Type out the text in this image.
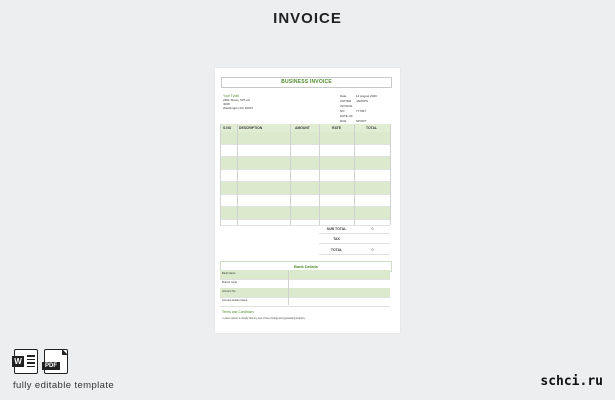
INVOICE
BUSINESS INVOICE
Your Tvotli
2301 Street, 507 ext
4028
Washington DC 20007
Date	14 August 2020
UNITED JAROPS
INVOICE NO	777067
DATE OF DUE	SPORT
S.NO DESCRIPTION	AMOUNT	RATE	TOTAL
SUB TOTAL	0
TAX
TOTAL	0
Bank Details
Bank Name
Branch Code
Account No
Account Holder Name
Terms and Conditions
• Lorem ipsum is simply dummy text of the printing and typesetting industry.
W	PDF
fully editable template	schci.ru
